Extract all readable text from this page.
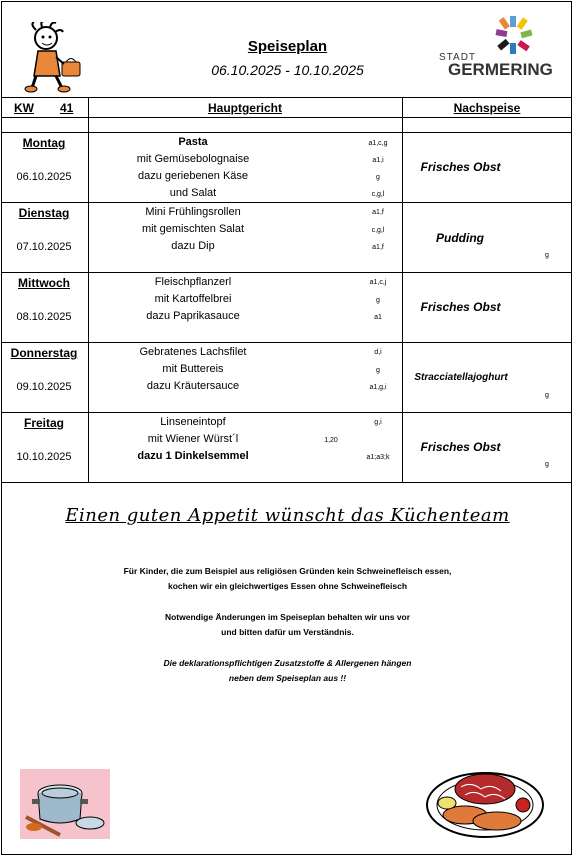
Speiseplan
06.10.2025 - 10.10.2025
STADT
GERMERING
KW 41	Hauptgericht	Nachspeise
Montag
06.10.2025
Pasta
mit Gemüsebolognaise
dazu geriebenen Käse
und Salat
a1,c,g
a1,i
g
c,g,l
Frisches Obst
Dienstag
07.10.2025
Mini Frühlingsrollen
mit gemischten Salat
dazu Dip
a1,f
c,g,l
a1,f
Pudding
g
Mittwoch
08.10.2025
Fleischpflanzerl
mit Kartoffelbrei
dazu Paprikasauce
a1,c,j
g
a1
Frisches Obst
Donnerstag
09.10.2025
Gebratenes Lachsfilet
mit Buttereis
dazu Kräutersauce
d,i
g
a1,g,i
Stracciatellajoghurt
g
Freitag
10.10.2025
Linseneintopf
mit Wiener Würst´l
dazu 1 Dinkelsemmel
g,i
1,20
a1;a3;k
Frisches Obst
g
Einen guten Appetit wünscht das Küchenteam
Für Kinder, die zum Beispiel aus religiösen Gründen kein Schweinefleisch essen,
kochen wir ein gleichwertiges Essen ohne Schweinefleisch
Notwendige Änderungen im Speiseplan behalten wir uns vor
und bitten dafür um Verständnis.
Die deklarationspflichtigen Zusatzstoffe & Allergenen hängen
neben dem Speiseplan aus !!
